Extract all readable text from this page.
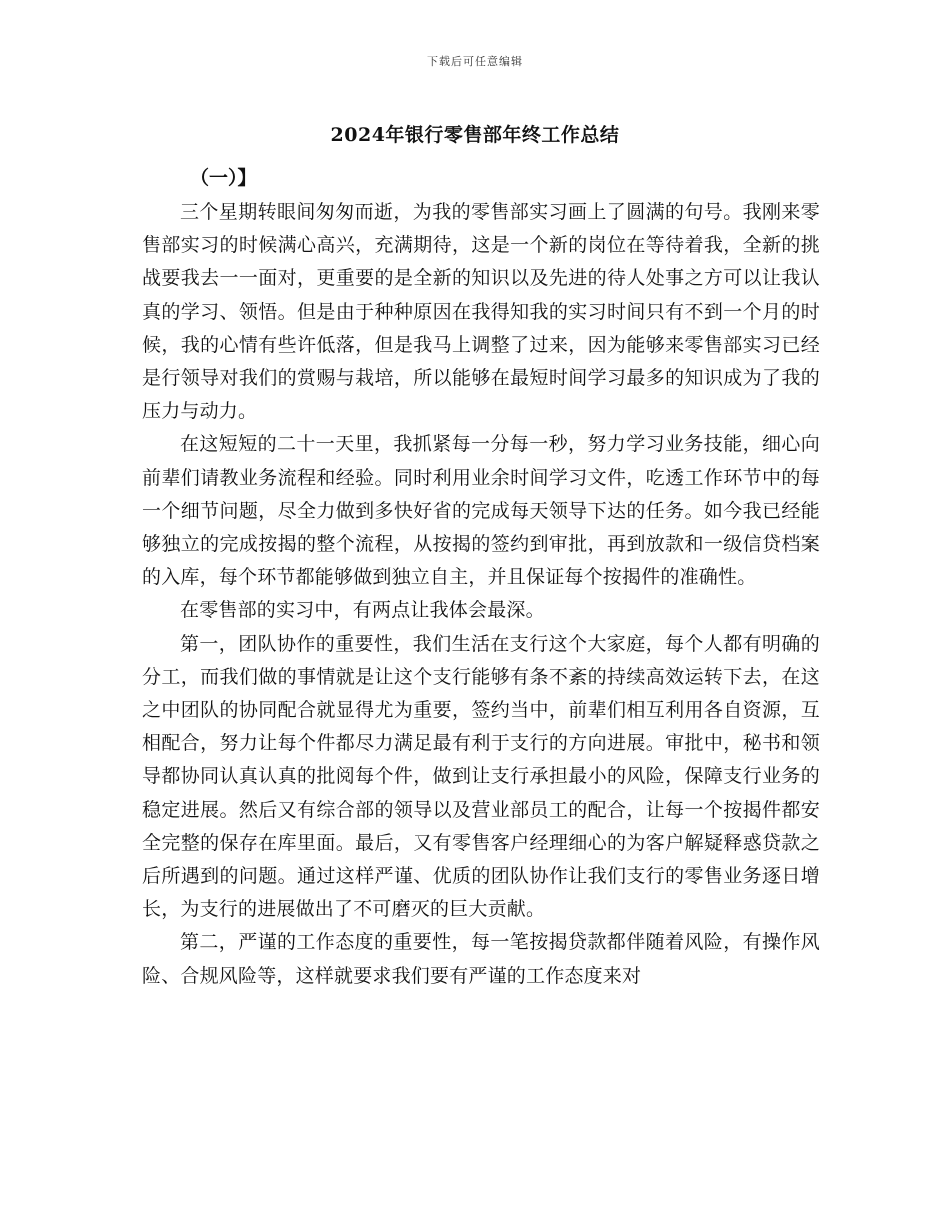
下载后可任意编辑
2024年银行零售部年终工作总结
（一）】

三个星期转眼间匆匆而逝，为我的零售部实习画上了圆满的句号。我刚来零售部实习的时候满心高兴，充满期待，这是一个新的岗位在等待着我，全新的挑战要我去一一面对，更重要的是全新的知识以及先进的待人处事之方可以让我认真的学习、领悟。但是由于种种原因在我得知我的实习时间只有不到一个月的时候，我的心情有些许低落，但是我马上调整了过来，因为能够来零售部实习已经是行领导对我们的赏赐与栽培，所以能够在最短时间学习最多的知识成为了我的压力与动力。

在这短短的二十一天里，我抓紧每一分每一秒，努力学习业务技能，细心向前辈们请教业务流程和经验。同时利用业余时间学习文件，吃透工作环节中的每一个细节问题，尽全力做到多快好省的完成每天领导下达的任务。如今我已经能够独立的完成按揭的整个流程，从按揭的签约到审批，再到放款和一级信贷档案的入库，每个环节都能够做到独立自主，并且保证每个按揭件的准确性。

在零售部的实习中，有两点让我体会最深。

第一，团队协作的重要性，我们生活在支行这个大家庭，每个人都有明确的分工，而我们做的事情就是让这个支行能够有条不紊的持续高效运转下去，在这之中团队的协同配合就显得尤为重要，签约当中，前辈们相互利用各自资源，互相配合，努力让每个件都尽力满足最有利于支行的方向进展。审批中，秘书和领导都协同认真认真的批阅每个件，做到让支行承担最小的风险，保障支行业务的稳定进展。然后又有综合部的领导以及营业部员工的配合，让每一个按揭件都安全完整的保存在库里面。最后，又有零售客户经理细心的为客户解疑释惑贷款之后所遇到的问题。通过这样严谨、优质的团队协作让我们支行的零售业务逐日增长，为支行的进展做出了不可磨灭的巨大贡献。

第二，严谨的工作态度的重要性，每一笔按揭贷款都伴随着风险，有操作风险、合规风险等，这样就要求我们要有严谨的工作态度来对
